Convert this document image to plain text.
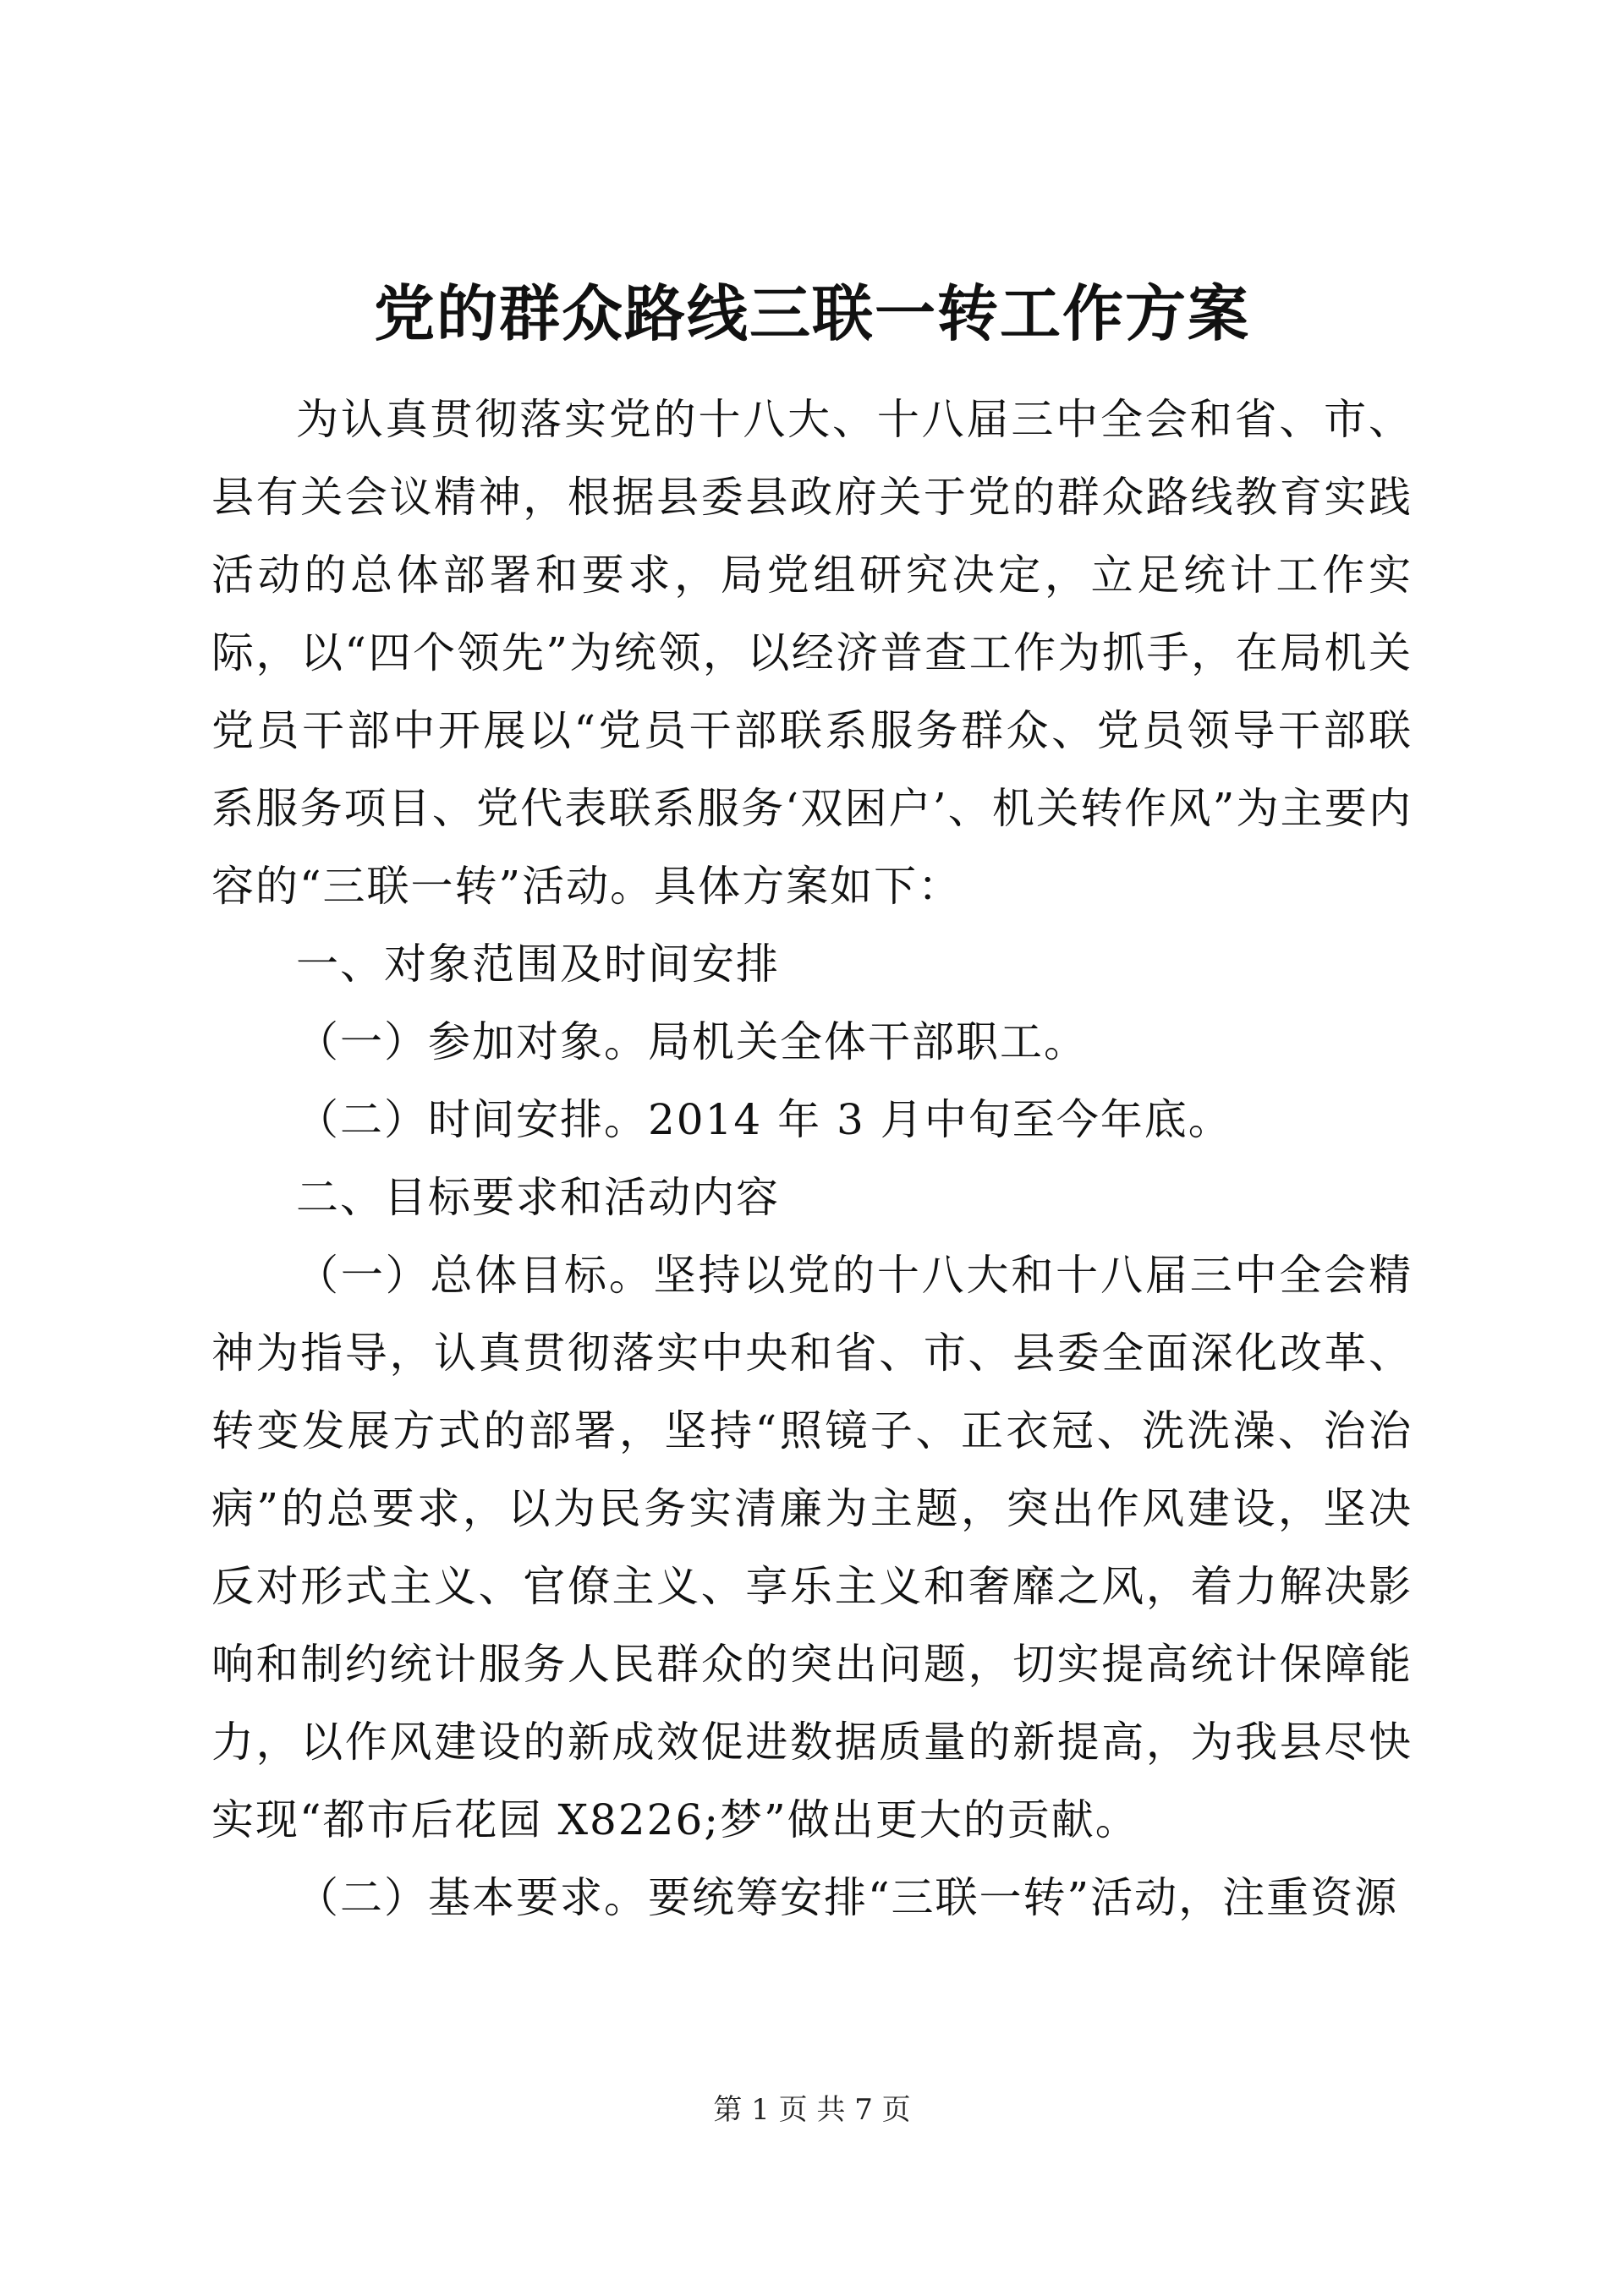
党的群众路线三联一转工作方案

为认真贯彻落实党的十八大、十八届三中全会和省、市、县有关会议精神，根据县委县政府关于党的群众路线教育实践活动的总体部署和要求，局党组研究决定，立足统计工作实际，以“四个领先”为统领，以经济普查工作为抓手，在局机关党员干部中开展以“党员干部联系服务群众、党员领导干部联系服务项目、党代表联系服务‘双困户’、机关转作风”为主要内容的“三联一转”活动。具体方案如下：

一、对象范围及时间安排

（一）参加对象。局机关全体干部职工。

（二）时间安排。2014 年 3 月中旬至今年底。

二、目标要求和活动内容

（一）总体目标。坚持以党的十八大和十八届三中全会精神为指导，认真贯彻落实中央和省、市、县委全面深化改革、转变发展方式的部署，坚持“照镜子、正衣冠、洗洗澡、治治病”的总要求，以为民务实清廉为主题，突出作风建设，坚决反对形式主义、官僚主义、享乐主义和奢靡之风，着力解决影响和制约统计服务人民群众的突出问题，切实提高统计保障能力，以作风建设的新成效促进数据质量的新提高，为我县尽快实现“都市后花园 X8226;梦”做出更大的贡献。

（二）基本要求。要统筹安排“三联一转”活动，注重资源

第 1 页 共 7 页
